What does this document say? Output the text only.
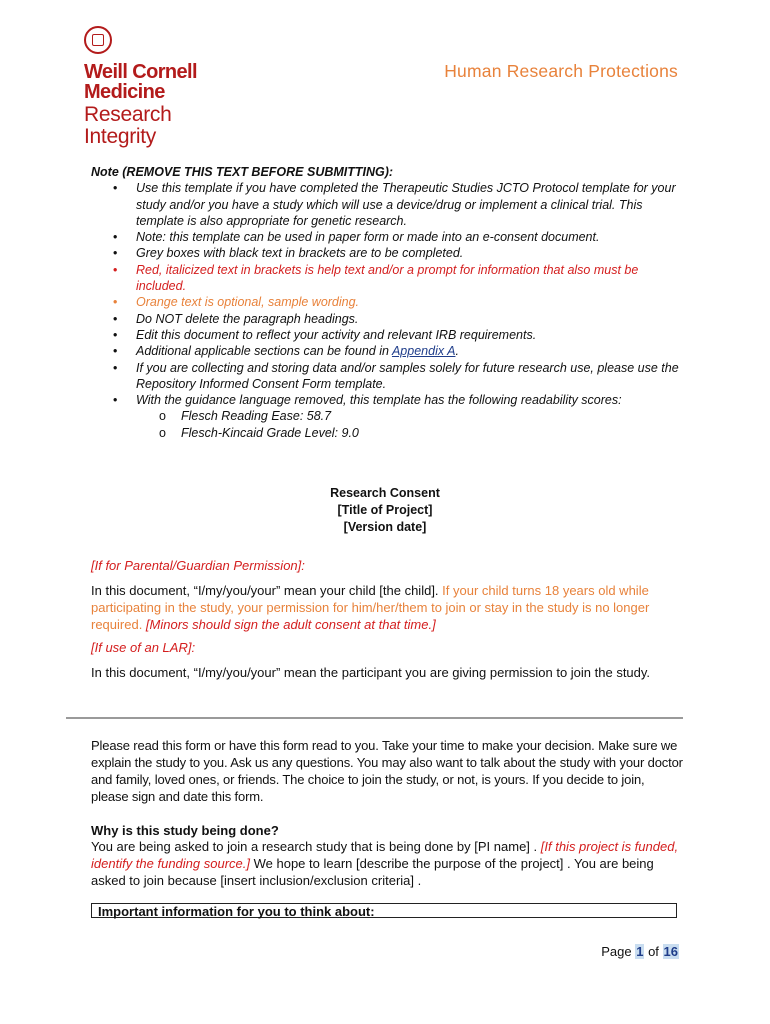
Weill Cornell
Medicine
Research
Integrity
Human Research Protections
Note (REMOVE THIS TEXT BEFORE SUBMITTING):
• Use this template if you have completed the Therapeutic Studies JCTO Protocol template for your study and/or you have a study which will use a device/drug or implement a clinical trial. This template is also appropriate for genetic research.
• Note: this template can be used in paper form or made into an e-consent document.
• Grey boxes with black text in brackets are to be completed.
• Red, italicized text in brackets is help text and/or a prompt for information that also must be included.
• Orange text is optional, sample wording.
• Do NOT delete the paragraph headings.
• Edit this document to reflect your activity and relevant IRB requirements.
• Additional applicable sections can be found in Appendix A.
• If you are collecting and storing data and/or samples solely for future research use, please use the Repository Informed Consent Form template.
• With the guidance language removed, this template has the following readability scores:
o Flesch Reading Ease: 58.7
o Flesch-Kincaid Grade Level: 9.0
Research Consent
[Title of Project]
[Version date]
[If for Parental/Guardian Permission]:
In this document, “I/my/you/your” mean your child [the child]. If your child turns 18 years old while participating in the study, your permission for him/her/them to join or stay in the study is no longer required. [Minors should sign the adult consent at that time.]
[If use of an LAR]:
In this document, “I/my/you/your” mean the participant you are giving permission to join the study.
Please read this form or have this form read to you. Take your time to make your decision. Make sure we explain the study to you. Ask us any questions. You may also want to talk about the study with your doctor and family, loved ones, or friends. The choice to join the study, or not, is yours. If you decide to join, please sign and date this form.
Why is this study being done?
You are being asked to join a research study that is being done by [PI name] . [If this project is funded, identify the funding source.] We hope to learn [describe the purpose of the project] . You are being asked to join because [insert inclusion/exclusion criteria] .
Important information for you to think about:
Page 1 of 16
